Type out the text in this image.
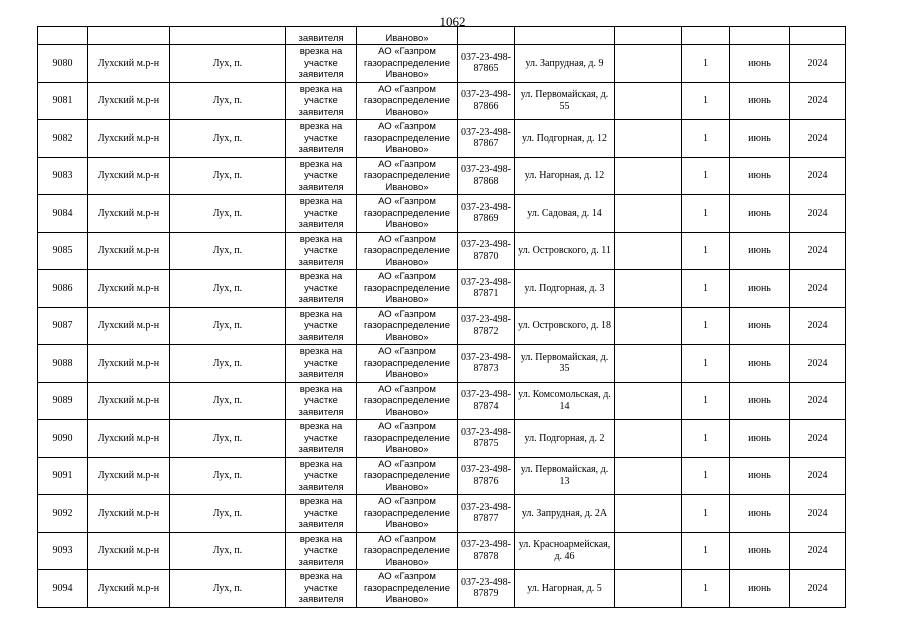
1062
			заявителя	Иваново»						
9080	Лухский м.р-н	Лух, п.	врезка на участке заявителя	АО «Газпром газораспределение Иваново»	037-23-498-87865	ул. Запрудная, д. 9		1	июнь	2024
9081	Лухский м.р-н	Лух, п.	врезка на участке заявителя	АО «Газпром газораспределение Иваново»	037-23-498-87866	ул. Первомайская, д. 55		1	июнь	2024
9082	Лухский м.р-н	Лух, п.	врезка на участке заявителя	АО «Газпром газораспределение Иваново»	037-23-498-87867	ул. Подгорная, д. 12		1	июнь	2024
9083	Лухский м.р-н	Лух, п.	врезка на участке заявителя	АО «Газпром газораспределение Иваново»	037-23-498-87868	ул. Нагорная, д. 12		1	июнь	2024
9084	Лухский м.р-н	Лух, п.	врезка на участке заявителя	АО «Газпром газораспределение Иваново»	037-23-498-87869	ул. Садовая, д. 14		1	июнь	2024
9085	Лухский м.р-н	Лух, п.	врезка на участке заявителя	АО «Газпром газораспределение Иваново»	037-23-498-87870	ул. Островского, д. 11		1	июнь	2024
9086	Лухский м.р-н	Лух, п.	врезка на участке заявителя	АО «Газпром газораспределение Иваново»	037-23-498-87871	ул. Подгорная, д. 3		1	июнь	2024
9087	Лухский м.р-н	Лух, п.	врезка на участке заявителя	АО «Газпром газораспределение Иваново»	037-23-498-87872	ул. Островского, д. 18		1	июнь	2024
9088	Лухский м.р-н	Лух, п.	врезка на участке заявителя	АО «Газпром газораспределение Иваново»	037-23-498-87873	ул. Первомайская, д. 35		1	июнь	2024
9089	Лухский м.р-н	Лух, п.	врезка на участке заявителя	АО «Газпром газораспределение Иваново»	037-23-498-87874	ул. Комсомольская, д. 14		1	июнь	2024
9090	Лухский м.р-н	Лух, п.	врезка на участке заявителя	АО «Газпром газораспределение Иваново»	037-23-498-87875	ул. Подгорная, д. 2		1	июнь	2024
9091	Лухский м.р-н	Лух, п.	врезка на участке заявителя	АО «Газпром газораспределение Иваново»	037-23-498-87876	ул. Первомайская, д. 13		1	июнь	2024
9092	Лухский м.р-н	Лух, п.	врезка на участке заявителя	АО «Газпром газораспределение Иваново»	037-23-498-87877	ул. Запрудная, д. 2А		1	июнь	2024
9093	Лухский м.р-н	Лух, п.	врезка на участке заявителя	АО «Газпром газораспределение Иваново»	037-23-498-87878	ул. Красноармейская, д. 46		1	июнь	2024
9094	Лухский м.р-н	Лух, п.	врезка на участке заявителя	АО «Газпром газораспределение Иваново»	037-23-498-87879	ул. Нагорная, д. 5		1	июнь	2024
